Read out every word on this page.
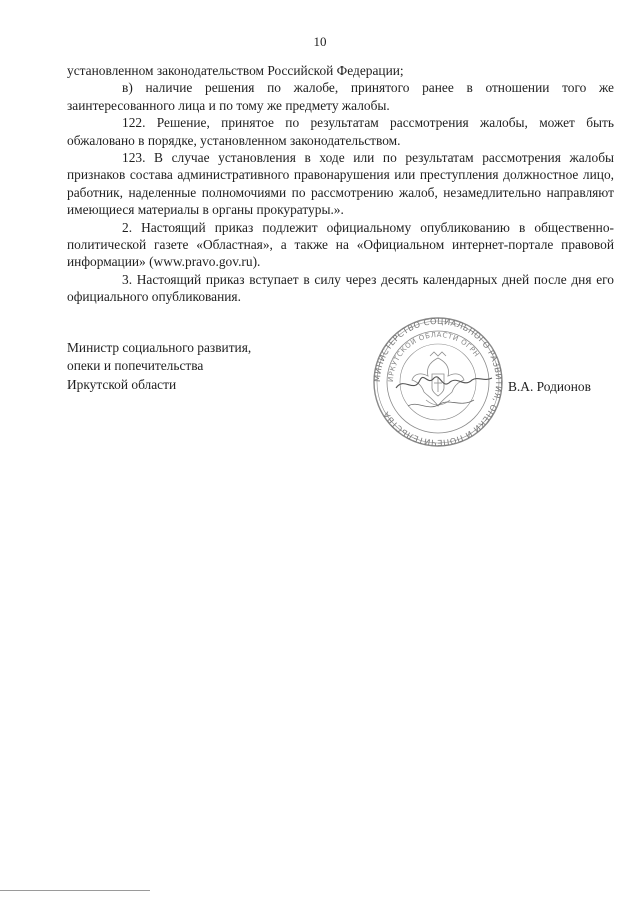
10

установленном законодательством Российской Федерации;

в) наличие решения по жалобе, принятого ранее в отношении того же заинтересованного лица и по тому же предмету жалобы.

122. Решение, принятое по результатам рассмотрения жалобы, может быть обжаловано в порядке, установленном законодательством.

123. В случае установления в ходе или по результатам рассмотрения жалобы признаков состава административного правонарушения или преступления должностное лицо, работник, наделенные полномочиями по рассмотрению жалоб, незамедлительно направляют имеющиеся материалы в органы прокуратуры.».

2. Настоящий приказ подлежит официальному опубликованию в общественно-политической газете «Областная», а также на «Официальном интернет-портале правовой информации» (www.pravo.gov.ru).

3. Настоящий приказ вступает в силу через десять календарных дней после дня его официального опубликования.

Министр социального развития,
опеки и попечительства
Иркутской области	МИНИСТЕРСТВО СОЦИАЛЬНОГО РАЗВИТИЯ, ОПЕКИ И ПОПЕЧИТЕЛЬСТВА
ИРКУТСКОЙ ОБЛАСТИ ОГРН
В.А. Родионов
